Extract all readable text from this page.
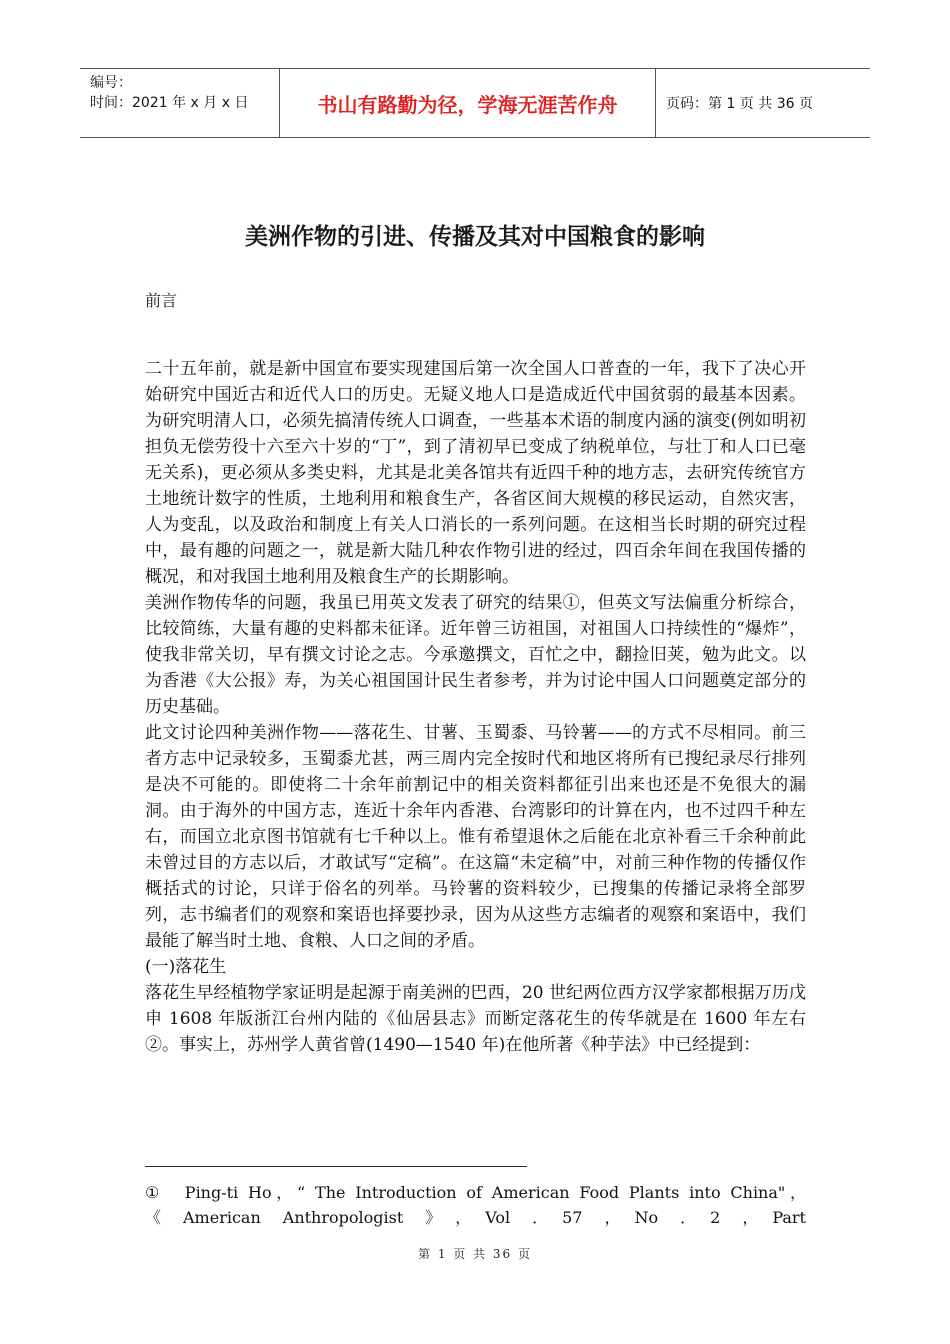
编号：
时间：2021 年 x 月 x 日	书山有路勤为径，学海无涯苦作舟	页码：第 1 页 共 36 页
美洲作物的引进、传播及其对中国粮食的影响
前言

二十五年前，就是新中国宣布要实现建国后第一次全国人口普查的一年，我下了决心开始研究中国近古和近代人口的历史。无疑义地人口是造成近代中国贫弱的最基本因素。为研究明清人口，必须先搞清传统人口调查，一些基本术语的制度内涵的演变(例如明初担负无偿劳役十六至六十岁的“丁”，到了清初早已变成了纳税单位，与壮丁和人口已毫无关系)，更必须从多类史料，尤其是北美各馆共有近四千种的地方志，去研究传统官方土地统计数字的性质，土地利用和粮食生产，各省区间大规模的移民运动，自然灾害，人为变乱，以及政治和制度上有关人口消长的一系列问题。在这相当长时期的研究过程中，最有趣的问题之一，就是新大陆几种农作物引进的经过，四百余年间在我国传播的概况，和对我国土地利用及粮食生产的长期影响。

美洲作物传华的问题，我虽已用英文发表了研究的结果①，但英文写法偏重分析综合，比较简练，大量有趣的史料都未征译。近年曾三访祖国，对祖国人口持续性的“爆炸”，使我非常关切，早有撰文讨论之志。今承邀撰文，百忙之中，翻捡旧荚，勉为此文。以为香港《大公报》寿，为关心祖国国计民生者参考，并为讨论中国人口问题奠定部分的历史基础。

此文讨论四种美洲作物——落花生、甘薯、玉蜀黍、马铃薯——的方式不尽相同。前三者方志中记录较多，玉蜀黍尤甚，两三周内完全按时代和地区将所有已搜纪录尽行排列是决不可能的。即使将二十余年前割记中的相关资料都征引出来也还是不免很大的漏洞。由于海外的中国方志，连近十余年内香港、台湾影印的计算在内，也不过四千种左右，而国立北京图书馆就有七千种以上。惟有希望退休之后能在北京补看三千余种前此未曾过目的方志以后，才敢试写“定稿”。在这篇“未定稿”中，对前三种作物的传播仅作概括式的讨论，只详于俗名的列举。马铃薯的资料较少，已搜集的传播记录将全部罗列，志书编者们的观察和案语也择要抄录，因为从这些方志编者的观察和案语中，我们最能了解当时土地、食粮、人口之间的矛盾。

(一)落花生

落花生早经植物学家证明是起源于南美洲的巴西，20 世纪两位西方汉学家都根据万历戊申 1608 年版浙江台州内陆的《仙居县志》而断定落花生的传华就是在 1600 年左右②。事实上，苏州学人黄省曾(1490—1540 年)在他所著《种芋法》中已经提到：

①　Ping-ti Ho，“ The Introduction of American Food Plants into China"，
《　American　Anthropologist　》　，　Vol　．　57　，　No　．　2　，　Part
第 1 页 共 36 页
